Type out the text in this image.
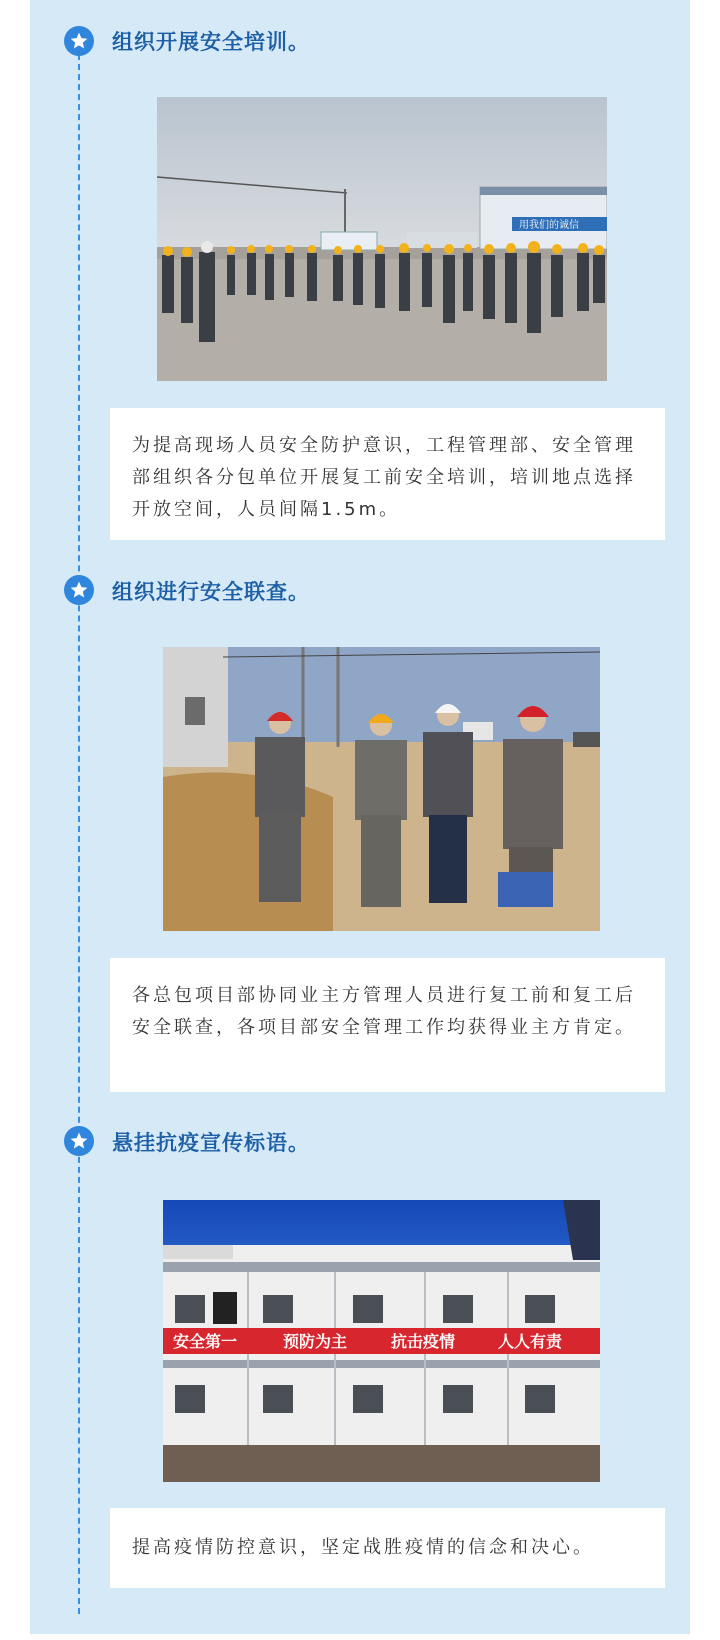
组织开展安全培训。
用我们的诚信

为提高现场人员安全防护意识，工程管理部、安全管理部组织各分包单位开展复工前安全培训，培训地点选择开放空间，人员间隔1.5m。

组织进行安全联查。

各总包项目部协同业主方管理人员进行复工前和复工后安全联查，各项目部安全管理工作均获得业主方肯定。

悬挂抗疫宣传标语。
安全第一	预防为主	抗击疫情	人人有责

提高疫情防控意识，坚定战胜疫情的信念和决心。
